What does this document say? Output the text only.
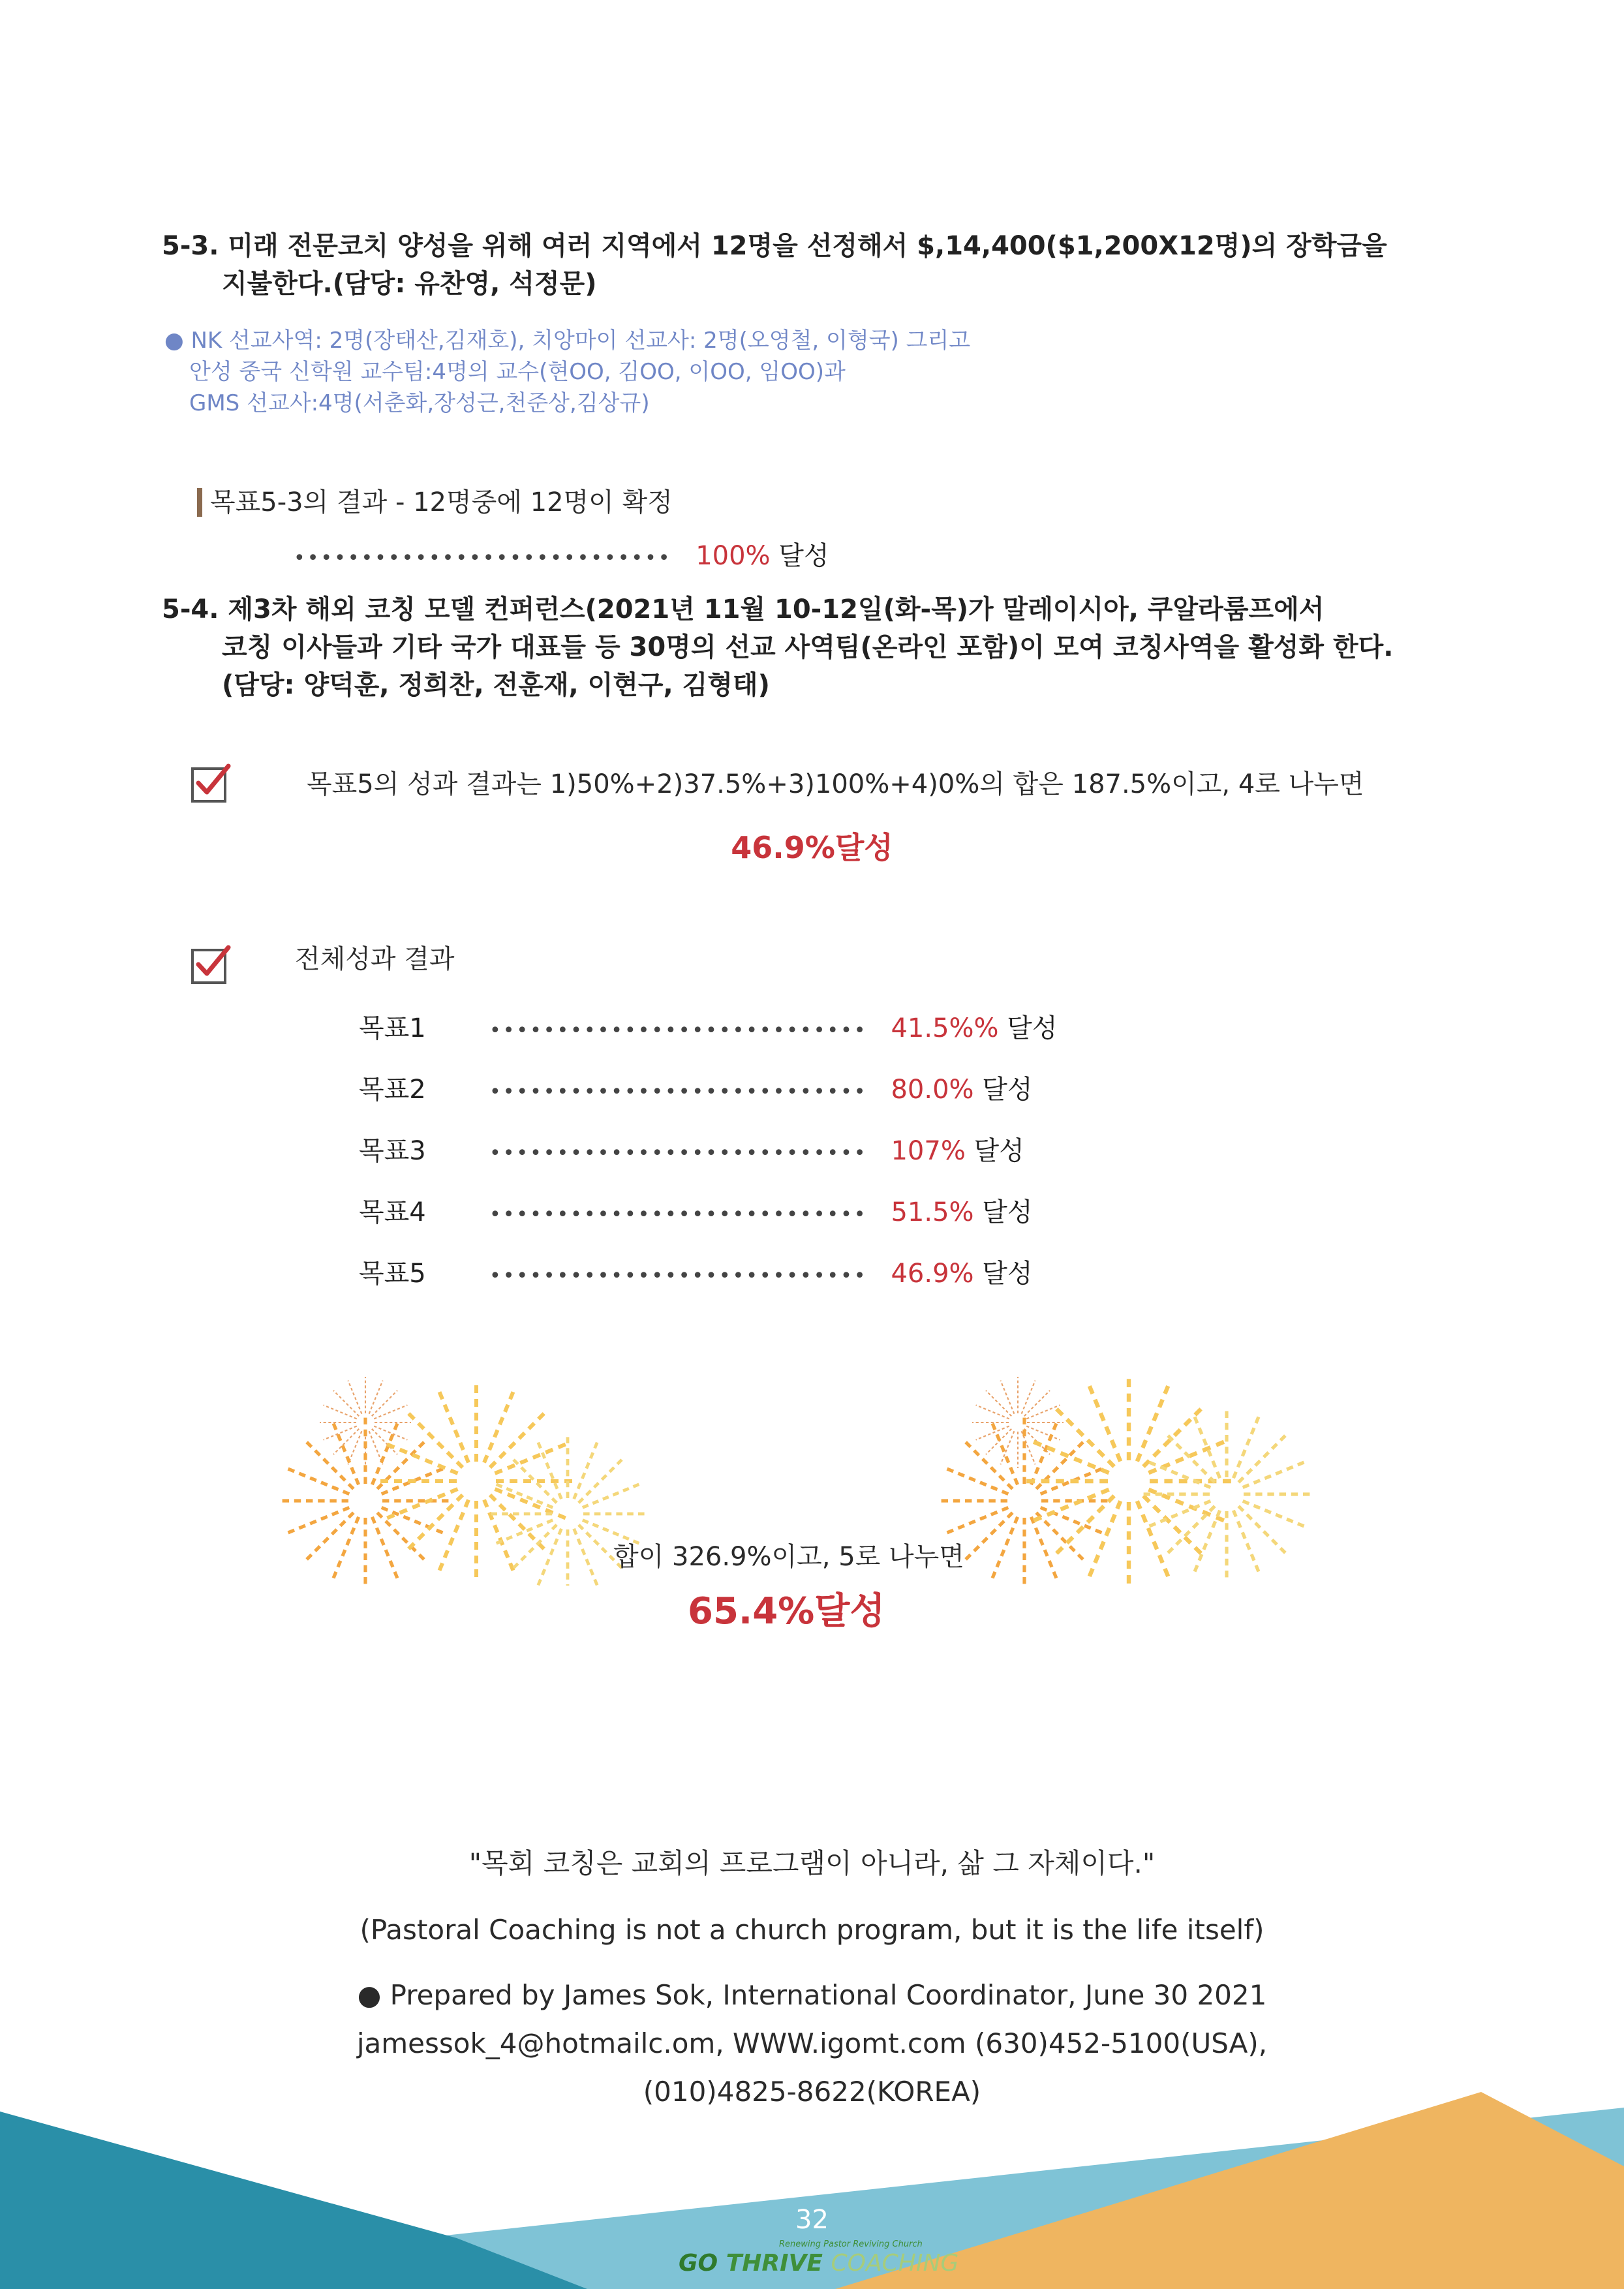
5-3. 미래 전문코치 양성을 위해 여러 지역에서 12명을 선정해서 $,14,400($1,200X12명)의 장학금을
지불한다.(담당: 유찬영, 석정문)
● NK 선교사역: 2명(장태산,김재호), 치앙마이 선교사: 2명(오영철, 이형국) 그리고
안성 중국 신학원 교수팀:4명의 교수(현OO, 김OO, 이OO, 임OO)과
GMS 선교사:4명(서춘화,장성근,천준상,김상규)
목표5-3의 결과 - 12명중에 12명이 확정
•••••••••••••••••••••••••••• 100% 달성
5-4. 제3차 해외 코칭 모델 컨퍼런스(2021년 11월 10-12일(화-목)가 말레이시아, 쿠알라룸프에서
코칭 이사들과 기타 국가 대표들 등 30명의 선교 사역팀(온라인 포함)이 모여 코칭사역을 활성화 한다.
(담당: 양덕훈, 정희찬, 전훈재, 이현구, 김형태)
목표5의 성과 결과는 1)50%+2)37.5%+3)100%+4)0%의 합은 187.5%이고, 4로 나누면
46.9%달성
전체성과 결과
목표1	•••••••••••••••••••••••••••• 41.5%% 달성
목표2	•••••••••••••••••••••••••••• 80.0% 달성
목표3	•••••••••••••••••••••••••••• 107% 달성
목표4	•••••••••••••••••••••••••••• 51.5% 달성
목표5	•••••••••••••••••••••••••••• 46.9% 달성
합이 326.9%이고, 5로 나누면
65.4%달성
"목회 코칭은 교회의 프로그램이 아니라, 삶 그 자체이다."
(Pastoral Coaching is not a church program, but it is the life itself)
● Prepared by James Sok, International Coordinator, June 30 2021
jamessok_4@hotmailc.om, WWW.igomt.com (630)452-5100(USA),
(010)4825-8622(KOREA)
32
Renewing Pastor Reviving Church
GO THRIVE COACHING
